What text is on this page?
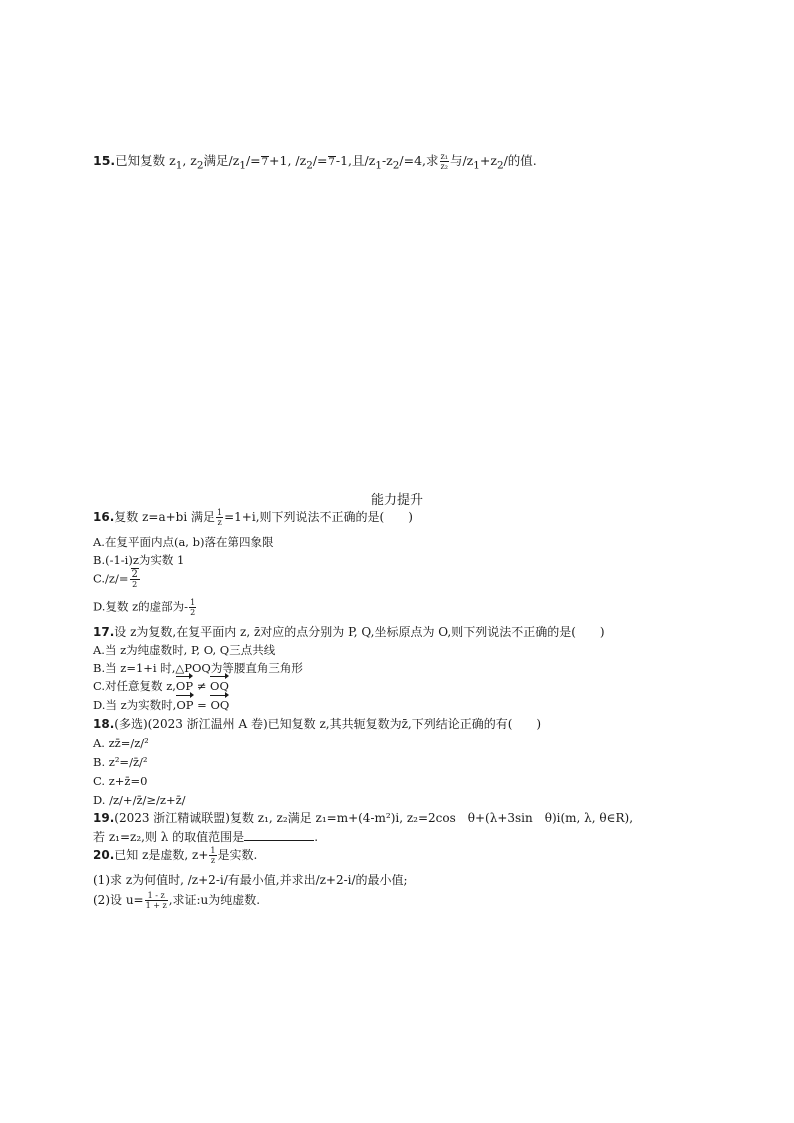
15.已知复数 $z_1$, $z_2$满足$/z_1/=7+1$, $/z_2/=7-1$,且$/z_1-z_2/=4$,求 $\frac{\text{z₁}}{\text{z₂}}$ 与$/z_1+z_2/$的值.
能力提升
16.复数 z=a+bi 满足 $\frac{1}{z} =1+i$,则下列说法不正确的是(　　)
A.在复平面内点(a, b)落在第四象限
B.(-1-i)z为实数 1
$C./z/= \frac{2}{2}$
D.复数 z的虚部为- $\frac{1}{2}$
17.设 z为复数,在复平面内 z, z̄对应的点分别为 P, Q,坐标原点为 O,则下列说法不正确的是(　　)
A.当 z为纯虚数时, P, O, Q三点共线
B.当 z=1+i 时,△POQ为等腰直角三角形
C.对任意复数 z,OP ≠ OQ
D.当 z为实数时,OP = OQ
18.(多选)(2023 浙江温州 A 卷)已知复数 z,其共轭复数为z̄,下列结论正确的有(　　)
A. zz̄=/z/²
B. z²=/z̄/²
C. z+z̄=0
D. /z/+/z̄/≥/z+z̄/
19.(2023 浙江精诚联盟)复数 z₁, z₂满足 z₁=m+(4-m²)i, z₂=2cos　θ+(λ+3sin　θ)i(m, λ, θ∈R),
若 z₁=z₂,则 λ 的取值范围是	.
20.已知 z是虚数, $z+ \frac{1}{z}$ 是实数.
(1)求 z为何值时, /z+2-i/有最小值,并求出/z+2-i/的最小值;
(2)设 $u= \frac{1 - z}{1 + z}$ ,求证:u为纯虚数.
